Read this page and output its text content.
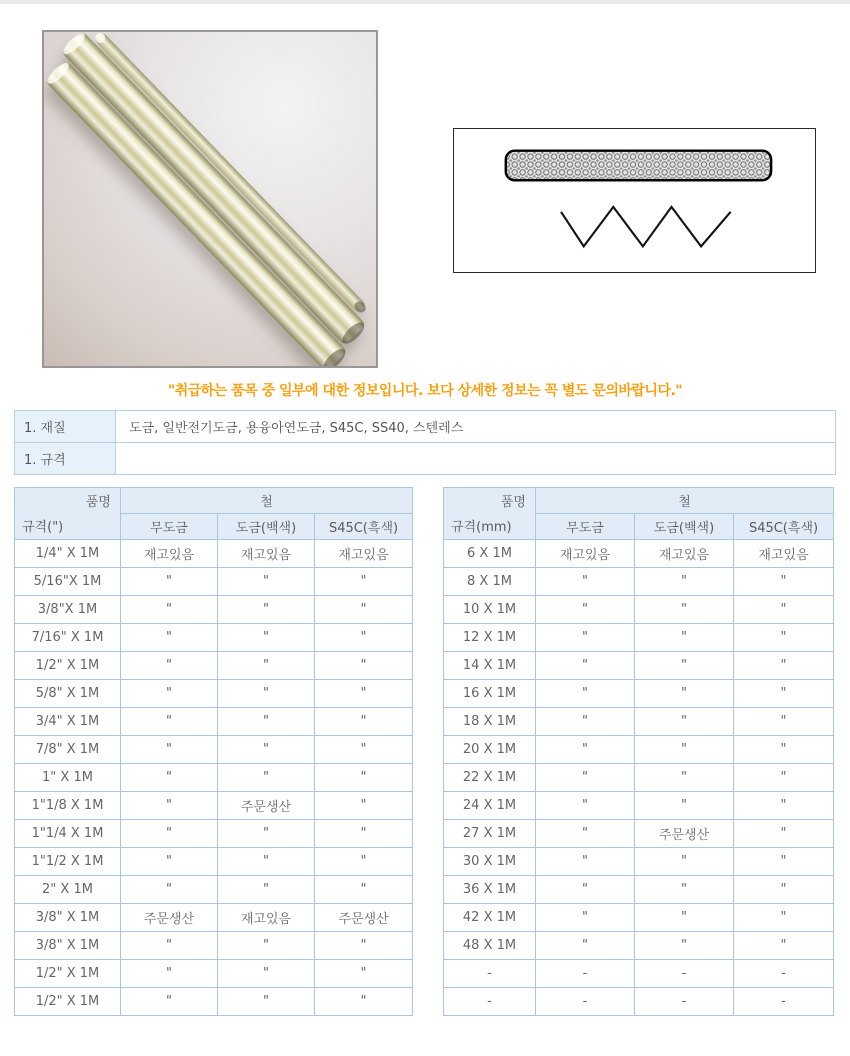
"취급하는 품목 중 일부에 대한 정보입니다. 보다 상세한 정보는 꼭 별도 문의바랍니다."
1. 재질	도금, 일반전기도금, 용융아연도금, S45C, SS40, 스텐레스
1. 규격	
품명
규격(")	철		
	무도금	도금(백색)	S45C(흑색)
1/4" X 1M	재고있음	재고있음	재고있음
5/16"X 1M	"	"	"
3/8"X 1M	"	"	"
7/16" X 1M	"	"	"
1/2" X 1M	"	"	"
5/8" X 1M	"	"	"
3/4" X 1M	"	"	"
7/8" X 1M	"	"	"
1" X 1M	"	"	"
1"1/8 X 1M	"	주문생산	"
1"1/4 X 1M	"	"	"
1"1/2 X 1M	"	"	"
2" X 1M	"	"	"
3/8" X 1M	주문생산	재고있음	주문생산
3/8" X 1M	"	"	"
1/2" X 1M	"	"	"
1/2" X 1M	"	"	"
품명
규격(mm)	철		
	무도금	도금(백색)	S45C(흑색)
6 X 1M	재고있음	재고있음	재고있음
8 X 1M	"	"	"
10 X 1M	"	"	"
12 X 1M	"	"	"
14 X 1M	"	"	"
16 X 1M	"	"	"
18 X 1M	"	"	"
20 X 1M	"	"	"
22 X 1M	"	"	"
24 X 1M	"	"	"
27 X 1M	"	주문생산	"
30 X 1M	"	"	"
36 X 1M	"	"	"
42 X 1M	"	"	"
48 X 1M	"	"	"
-	-	-	-
-	-	-	-
